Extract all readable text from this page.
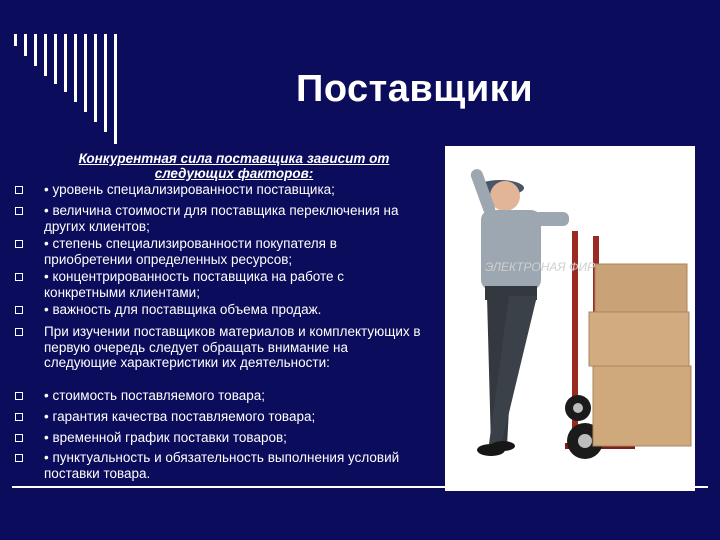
Поставщики
Конкурентная сила поставщика зависит от следующих факторов:
• уровень специализированности поставщика;
• величина стоимости для поставщика переключения на других клиентов;
• степень специализированности покупателя в приобретении определенных ресурсов;
• концентрированность поставщика на работе с конкретными клиентами;
• важность для поставщика объема продаж.
При изучении поставщиков материалов и комплектующих в первую очередь следует обращать внимание на следующие характеристики их деятельности:
• стоимость поставляемого товара;
• гарантия качества поставляемого товара;
• временной график поставки товаров;
• пунктуальность и обязательность выполнения условий поставки товара.
ЭЛЕКТРОНАЯ ФИР
